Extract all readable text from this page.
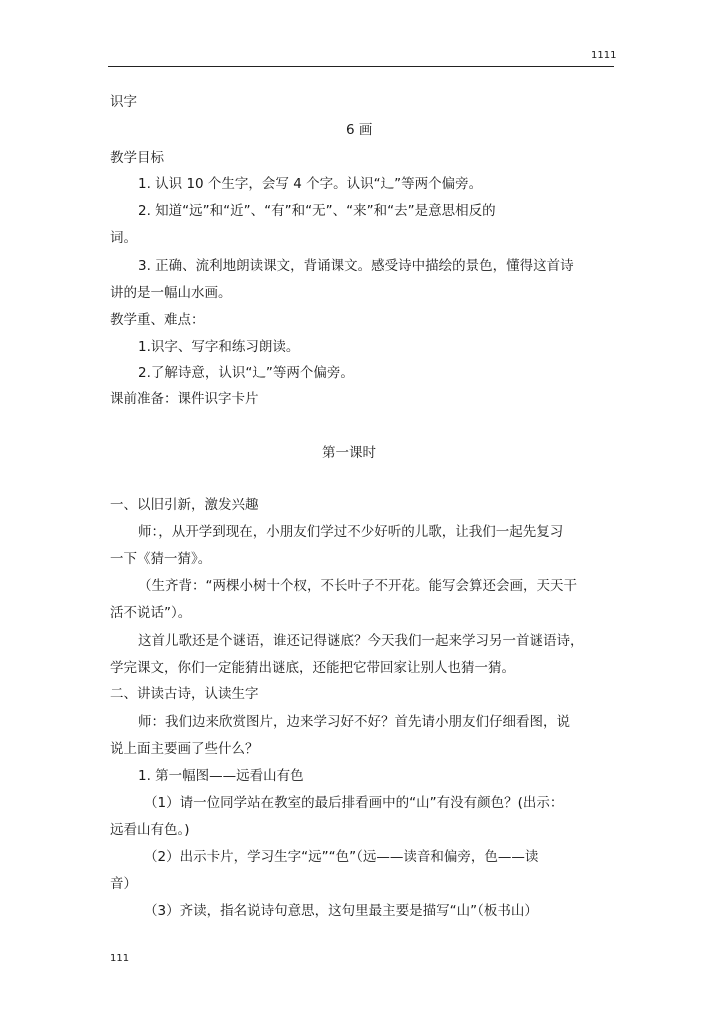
1111
识字
6 画
教学目标
1. 认识 10 个生字，会写 4 个字。认识“辶”等两个偏旁。
2. 知道“远”和“近”、“有”和“无”、“来”和“去”是意思相反的
词。
3. 正确、流利地朗读课文，背诵课文。感受诗中描绘的景色，懂得这首诗
讲的是一幅山水画。
教学重、难点：
1.识字、写字和练习朗读。
2.了解诗意，认识“辶”等两个偏旁。
课前准备：课件识字卡片
第一课时
一、以旧引新，激发兴趣
师：，从开学到现在，小朋友们学过不少好听的儿歌，让我们一起先复习
一下《猜一猜》。
（生齐背：“两棵小树十个杈，不长叶子不开花。能写会算还会画，天天干
活不说话”）。
这首儿歌还是个谜语，谁还记得谜底？今天我们一起来学习另一首谜语诗，
学完课文，你们一定能猜出谜底，还能把它带回家让别人也猜一猜。
二、讲读古诗，认读生字
师：我们边来欣赏图片，边来学习好不好？首先请小朋友们仔细看图，说
说上面主要画了些什么？
1. 第一幅图——远看山有色
（1）请一位同学站在教室的最后排看画中的“山”有没有颜色？(出示：
远看山有色。)
（2）出示卡片，学习生字“远”“色”（远——读音和偏旁，色——读
音）
（3）齐读，指名说诗句意思，这句里最主要是描写“山”（板书山）
111
